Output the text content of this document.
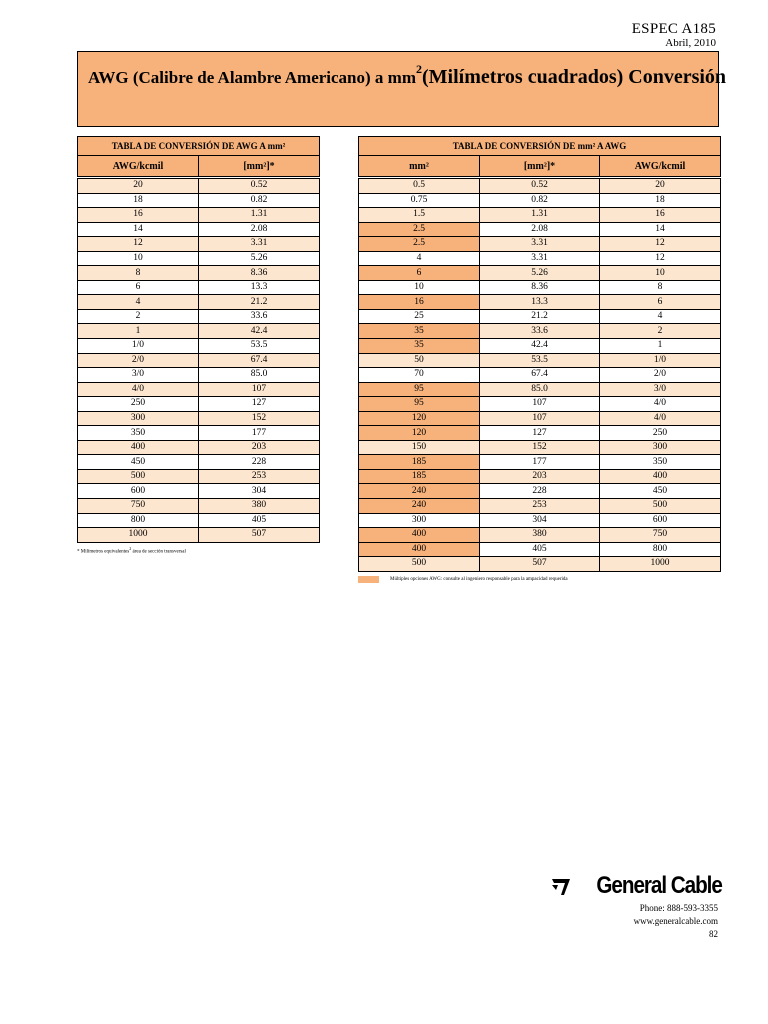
ESPEC A185
Abril, 2010
AWG (Calibre de Alambre Americano) a $mm^2(Milímetros$ cuadrados) Conversión
TABLA DE CONVERSIÓN DE AWG A mm²
AWG/kcmil	[mm²]*
20	0.52
18	0.82
16	1.31
14	2.08
12	3.31
10	5.26
8	8.36
6	13.3
4	21.2
2	33.6
1	42.4
1/0	53.5
2/0	67.4
3/0	85.0
4/0	107
250	127
300	152
350	177
400	203
450	228
500	253
600	304
750	380
800	405
1000	507
* Milímetros equivalentes$^2$ área de sección transversal
TABLA DE CONVERSIÓN DE mm² A AWG
mm²	[mm²]*	AWG/kcmil
0.5	0.52	20
0.75	0.82	18
1.5	1.31	16
2.5	2.08	14
2.5	3.31	12
4	3.31	12
6	5.26	10
10	8.36	8
16	13.3	6
25	21.2	4
35	33.6	2
35	42.4	1
50	53.5	1/0
70	67.4	2/0
95	85.0	3/0
95	107	4/0
120	107	4/0
120	127	250
150	152	300
185	177	350
185	203	400
240	228	450
240	253	500
300	304	600
400	380	750
400	405	800
500	507	1000
Múltiples opciones AWG: consulte al ingeniero responsable para la ampacidad requerida
General Cable
Phone: 888-593-3355
www.generalcable.com
82
